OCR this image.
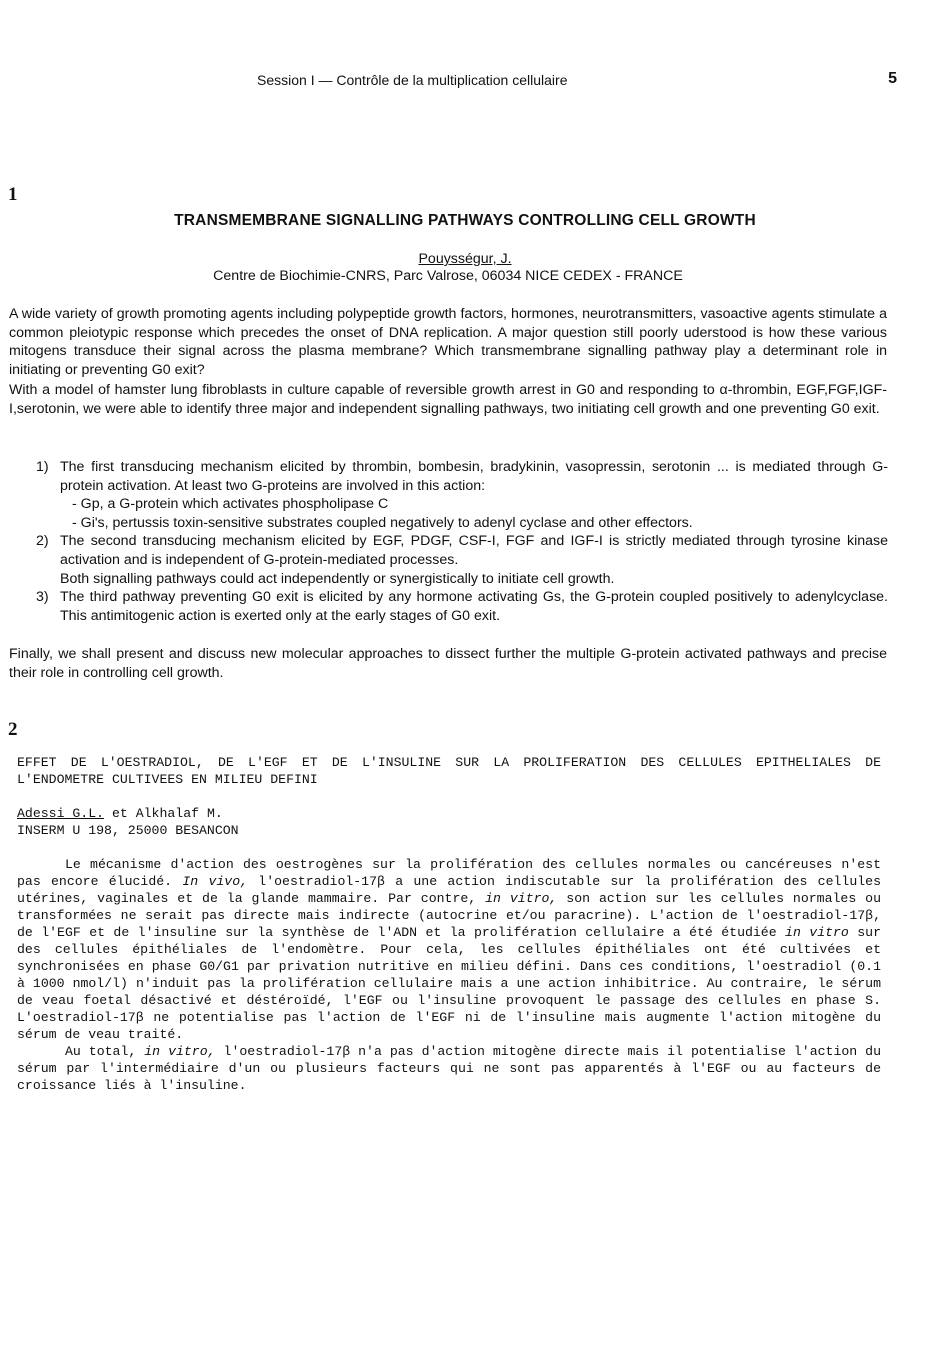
Session I — Contrôle de la multiplication cellulaire	5
1
TRANSMEMBRANE SIGNALLING PATHWAYS CONTROLLING CELL GROWTH
Pouysségur, J.
Centre de Biochimie-CNRS, Parc Valrose, 06034 NICE CEDEX - FRANCE

A wide variety of growth promoting agents including polypeptide growth factors, hormones, neurotransmitters, vasoactive agents stimulate a common pleiotypic response which precedes the onset of DNA replication. A major question still poorly uderstood is how these various mitogens transduce their signal across the plasma membrane? Which transmembrane signalling pathway play a determinant role in initiating or preventing G0 exit?

With a model of hamster lung fibroblasts in culture capable of reversible growth arrest in G0 and responding to α-thrombin, EGF,FGF,IGF-I,serotonin, we were able to identify three major and independent signalling pathways, two initiating cell growth and one preventing G0 exit.

1) The first transducing mechanism elicited by thrombin, bombesin, bradykinin, vasopressin, serotonin ... is mediated through G-protein activation. At least two G-proteins are involved in this action:
- Gp, a G-protein which activates phospholipase C
- Gi's, pertussis toxin-sensitive substrates coupled negatively to adenyl cyclase and other effectors.
2) The second transducing mechanism elicited by EGF, PDGF, CSF-I, FGF and IGF-I is strictly mediated through tyrosine kinase activation and is independent of G-protein-mediated processes.
Both signalling pathways could act independently or synergistically to initiate cell growth.
3) The third pathway preventing G0 exit is elicited by any hormone activating Gs, the G-protein coupled positively to adenylcyclase. This antimitogenic action is exerted only at the early stages of G0 exit.

Finally, we shall present and discuss new molecular approaches to dissect further the multiple G-protein activated pathways and precise their role in controlling cell growth.

2
EFFET DE L'OESTRADIOL, DE L'EGF ET DE L'INSULINE SUR LA PROLIFERATION DES CELLULES EPITHELIALES DE L'ENDOMETRE CULTIVEES EN MILIEU DEFINI
Adessi G.L. et Alkhalaf M.
INSERM U 198, 25000 BESANCON

Le mécanisme d'action des oestrogènes sur la prolifération des cellules normales ou cancéreuses n'est pas encore élucidé. In vivo, l'oestradiol-17β a une action indiscutable sur la prolifération des cellules utérines, vaginales et de la glande mammaire. Par contre, in vitro, son action sur les cellules normales ou transformées ne serait pas directe mais indirecte (autocrine et/ou paracrine). L'action de l'oestradiol-17β, de l'EGF et de l'insuline sur la synthèse de l'ADN et la prolifération cellulaire a été étudiée in vitro sur des cellules épithéliales de l'endomètre. Pour cela, les cellules épithéliales ont été cultivées et synchronisées en phase G0/G1 par privation nutritive en milieu défini. Dans ces conditions, l'oestradiol (0.1 à 1000 nmol/l) n'induit pas la prolifération cellulaire mais a une action inhibitrice. Au contraire, le sérum de veau foetal désactivé et déstéroïdé, l'EGF ou l'insuline provoquent le passage des cellules en phase S. L'oestradiol-17β ne potentialise pas l'action de l'EGF ni de l'insuline mais augmente l'action mitogène du sérum de veau traité.

Au total, in vitro, l'oestradiol-17β n'a pas d'action mitogène directe mais il potentialise l'action du sérum par l'intermédiaire d'un ou plusieurs facteurs qui ne sont pas apparentés à l'EGF ou au facteurs de croissance liés à l'insuline.
